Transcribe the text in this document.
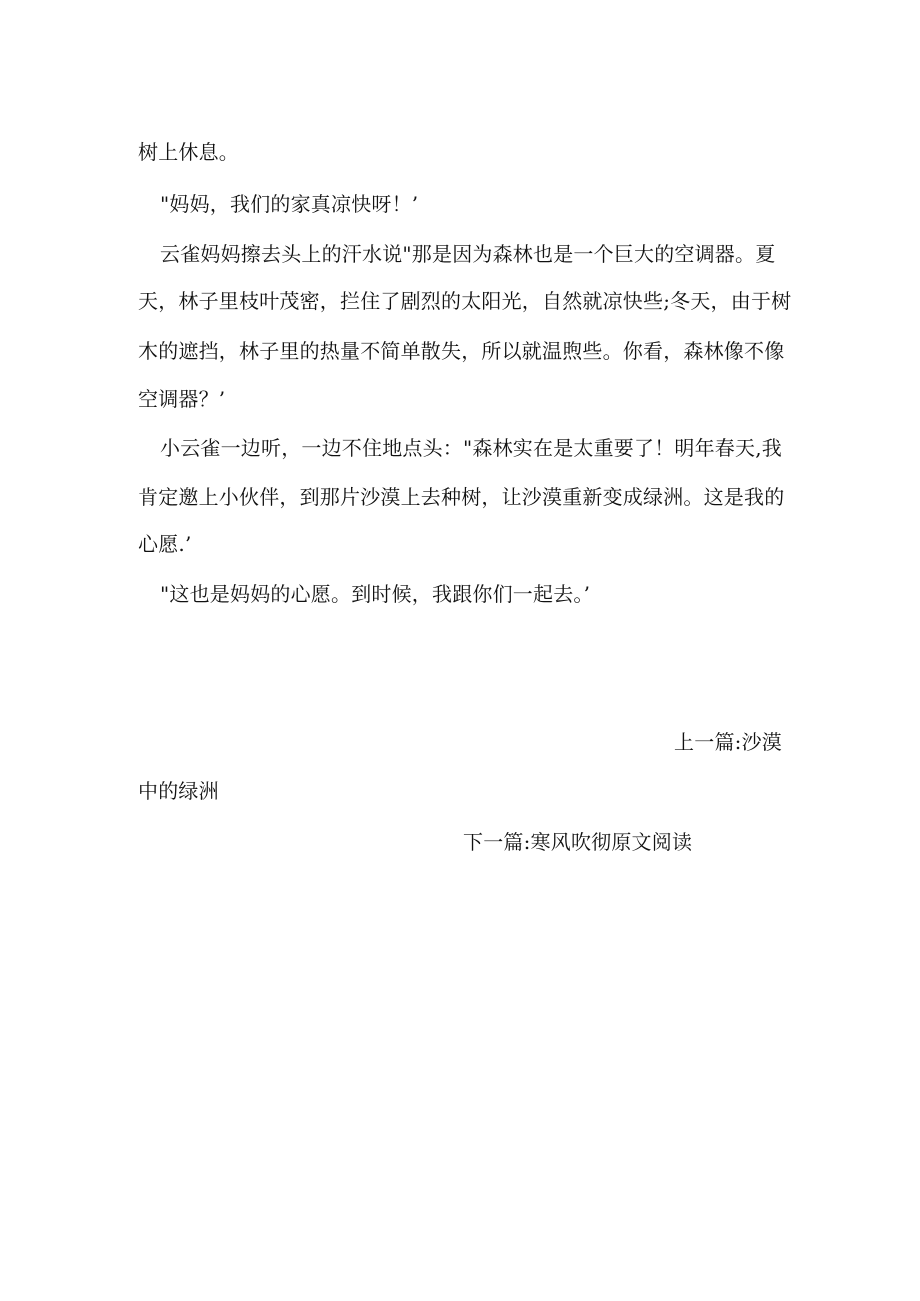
树上休息。
"妈妈，我们的家真凉快呀！’
云雀妈妈擦去头上的汗水说"那是因为森林也是一个巨大的空调器。夏
天，林子里枝叶茂密，拦住了剧烈的太阳光，自然就凉快些;冬天，由于树
木的遮挡，林子里的热量不简单散失，所以就温煦些。你看，森林像不像
空调器？’
小云雀一边听，一边不住地点头："森林实在是太重要了！明年春天,我
肯定邀上小伙伴，到那片沙漠上去种树，让沙漠重新变成绿洲。这是我的
心愿.’
"这也是妈妈的心愿。到时候，我跟你们一起去。’
上一篇:沙漠
中的绿洲
下一篇:寒风吹彻原文阅读
